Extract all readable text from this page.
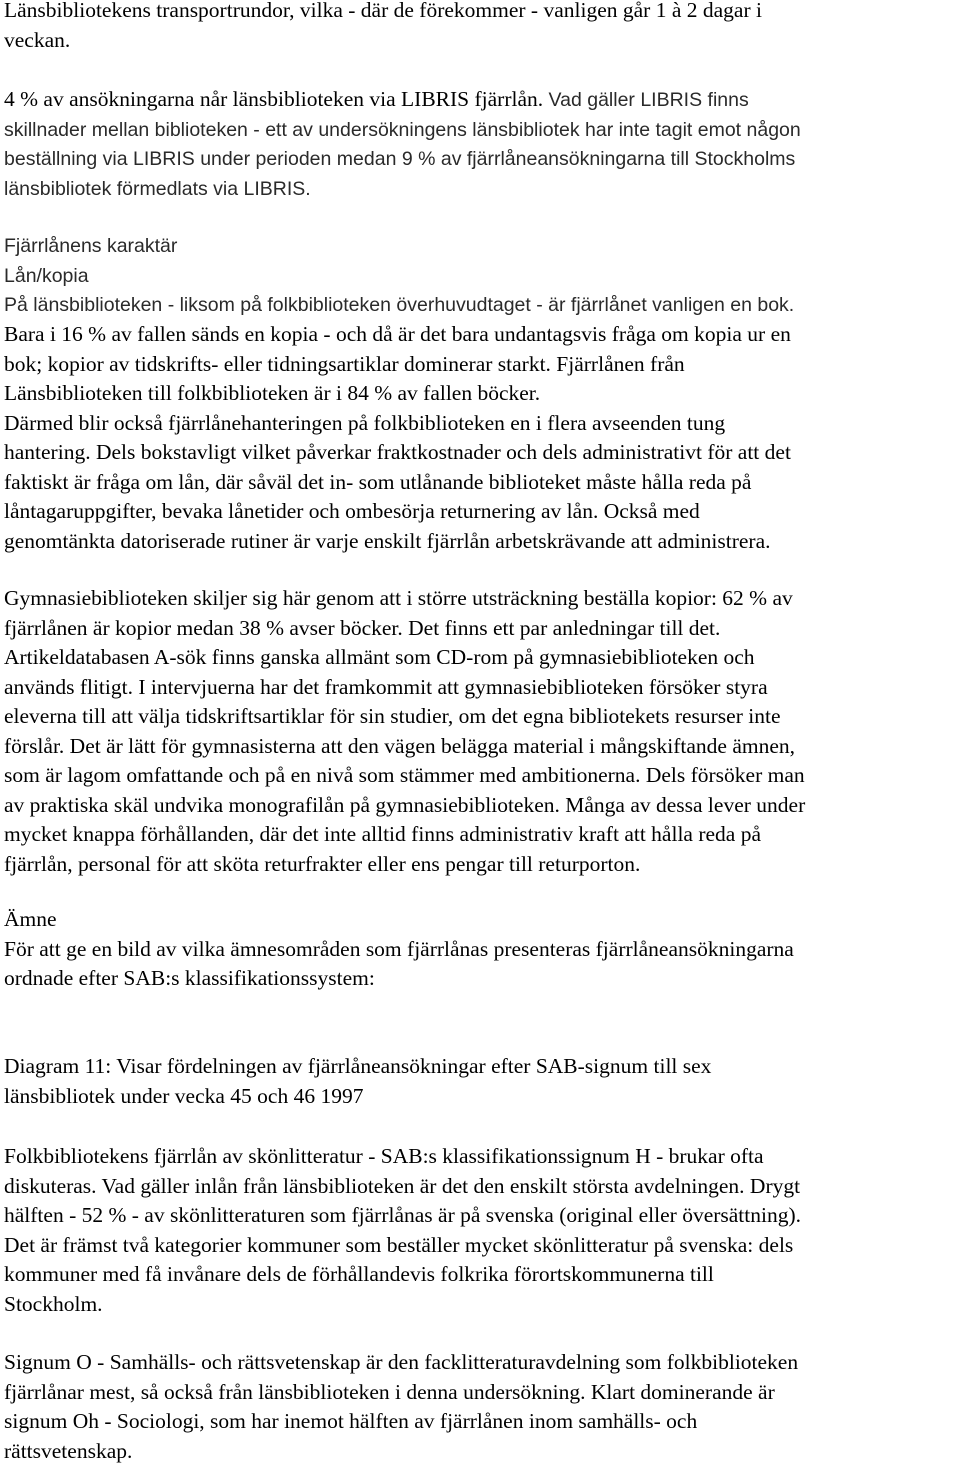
Länsbibliotekens transportrundor, vilka - där de förekommer - vanligen går 1 à 2 dagar i
veckan.
4 % av ansökningarna når länsbiblioteken via LIBRIS fjärrlån. Vad gäller LIBRIS finns
skillnader mellan biblioteken - ett av undersökningens länsbibliotek har inte tagit emot någon
beställning via LIBRIS under perioden medan 9 % av fjärrlåneansökningarna till Stockholms
länsbibliotek förmedlats via LIBRIS.
Fjärrlånens karaktär
Lån/kopia
På länsbiblioteken - liksom på folkbiblioteken överhuvudtaget - är fjärrlånet vanligen en bok.
Bara i 16 % av fallen sänds en kopia - och då är det bara undantagsvis fråga om kopia ur en
bok; kopior av tidskrifts- eller tidningsartiklar dominerar starkt. Fjärrlånen från
Länsbiblioteken till folkbiblioteken är i 84 % av fallen böcker.
Därmed blir också fjärrlånehanteringen på folkbiblioteken en i flera avseenden tung
hantering. Dels bokstavligt vilket påverkar fraktkostnader och dels administrativt för att det
faktiskt är fråga om lån, där såväl det in- som utlånande biblioteket måste hålla reda på
låntagaruppgifter, bevaka lånetider och ombesörja returnering av lån. Också med
genomtänkta datoriserade rutiner är varje enskilt fjärrlån arbetskrävande att administrera.
Gymnasiebiblioteken skiljer sig här genom att i större utsträckning beställa kopior: 62 % av
fjärrlånen är kopior medan 38 % avser böcker. Det finns ett par anledningar till det.
Artikeldatabasen A-sök finns ganska allmänt som CD-rom på gymnasiebiblioteken och
används flitigt. I intervjuerna har det framkommit att gymnasiebiblioteken försöker styra
eleverna till att välja tidskriftsartiklar för sin studier, om det egna bibliotekets resurser inte
förslår. Det är lätt för gymnasisterna att den vägen belägga material i mångskiftande ämnen,
som är lagom omfattande och på en nivå som stämmer med ambitionerna. Dels försöker man
av praktiska skäl undvika monografilån på gymnasiebiblioteken. Många av dessa lever under
mycket knappa förhållanden, där det inte alltid finns administrativ kraft att hålla reda på
fjärrlån, personal för att sköta returfrakter eller ens pengar till returporton.
Ämne
För att ge en bild av vilka ämnesområden som fjärrlånas presenteras fjärrlåneansökningarna
ordnade efter SAB:s klassifikationssystem:
Diagram 11: Visar fördelningen av fjärrlåneansökningar efter SAB-signum till sex
länsbibliotek under vecka 45 och 46 1997
Folkbibliotekens fjärrlån av skönlitteratur - SAB:s klassifikationssignum H - brukar ofta
diskuteras. Vad gäller inlån från länsbiblioteken är det den enskilt största avdelningen. Drygt
hälften - 52 % - av skönlitteraturen som fjärrlånas är på svenska (original eller översättning).
Det är främst två kategorier kommuner som beställer mycket skönlitteratur på svenska: dels
kommuner med få invånare dels de förhållandevis folkrika förortskommunerna till
Stockholm.
Signum O - Samhälls- och rättsvetenskap är den facklitteraturavdelning som folkbiblioteken
fjärrlånar mest, så också från länsbiblioteken i denna undersökning. Klart dominerande är
signum Oh - Sociologi, som har inemot hälften av fjärrlånen inom samhälls- och
rättsvetenskap.
